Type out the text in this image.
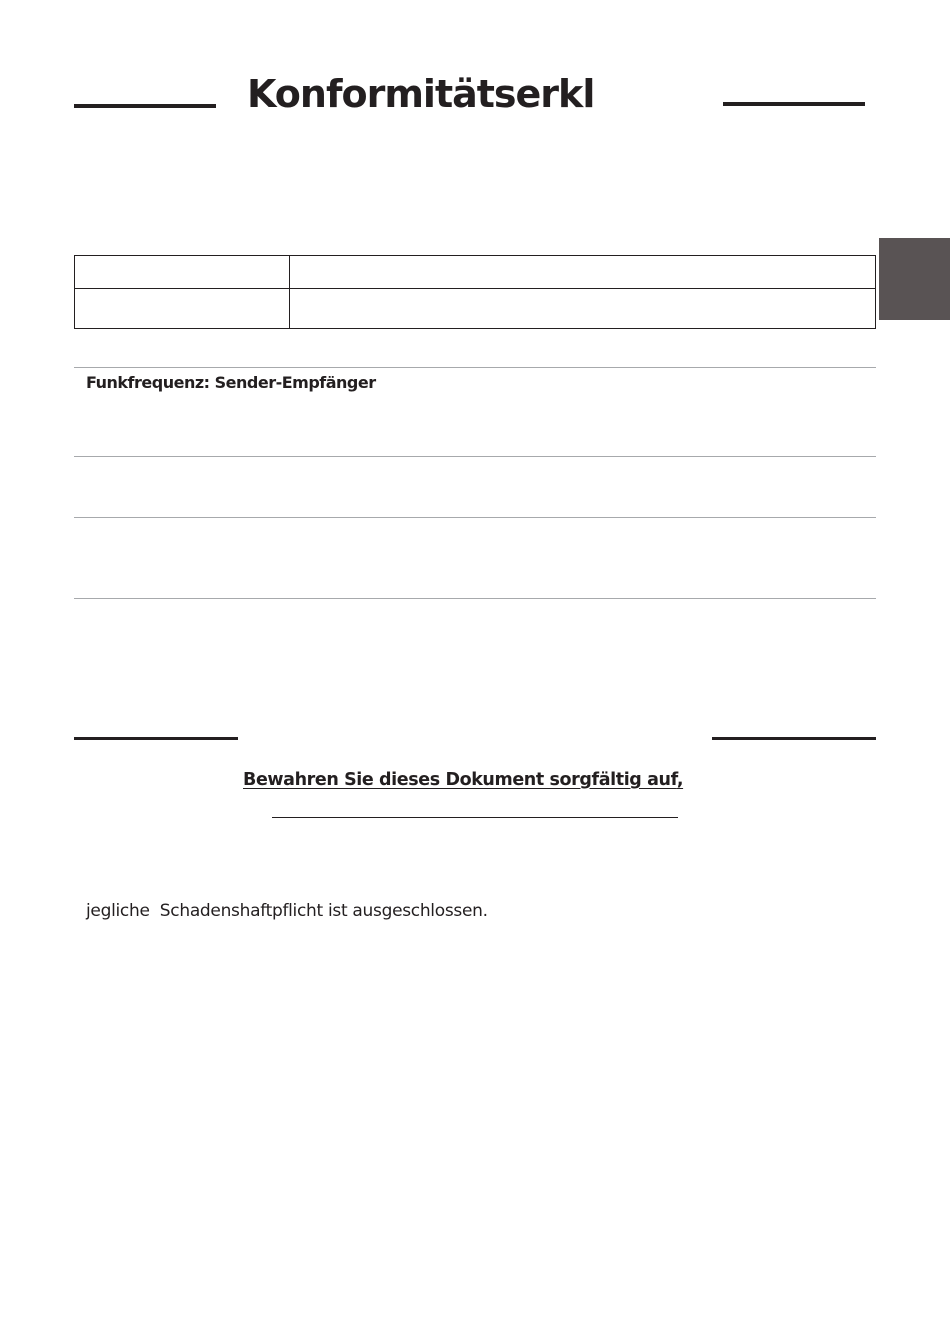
Konformitätserkl

Funkfrequenz: Sender-Empfänger
Bewahren Sie dieses Dokument sorgfältig auf,
jegliche  Schadenshaftpflicht ist ausgeschlossen.
